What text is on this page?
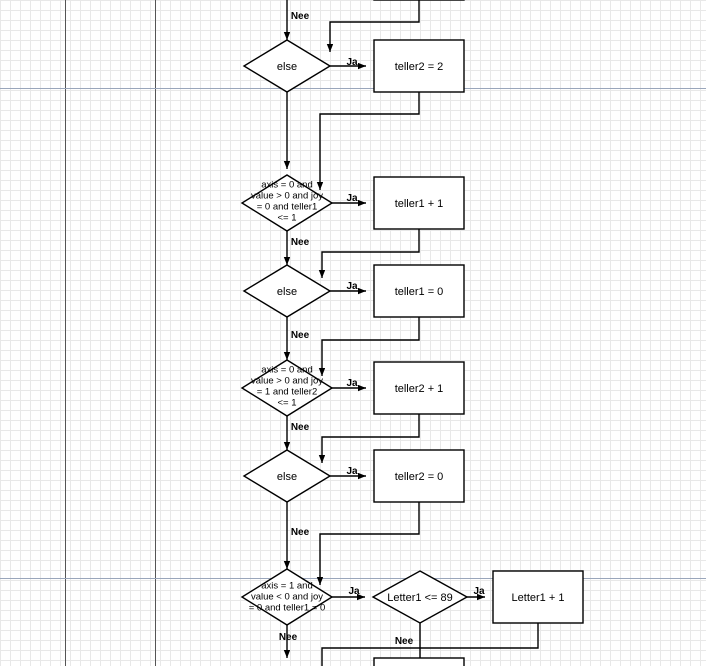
else	teller2 = 2
axis = 0 and
value > 0 and joy
= 0 and teller1
<= 1
teller1 + 1
else	teller1 = 0
axis = 0 and
value > 0 and joy
= 1 and teller2
<= 1
teller2 + 1
else	teller2 = 0
axis = 1 and
value < 0 and joy
= 0 and teller1 = 0
Letter1 <= 89	Letter1 + 1
Nee
Ja
Ja
Nee
Ja
Nee
Ja
Nee
Ja
Nee
Ja	Ja
Nee	Nee
